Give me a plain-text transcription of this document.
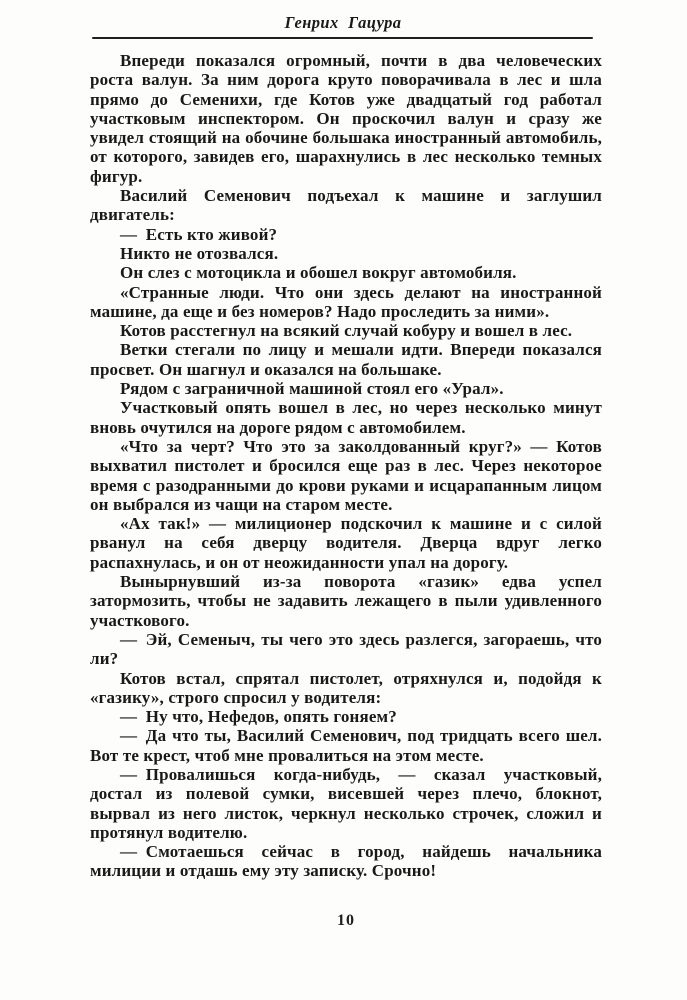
Генрих Гацура

Впереди показался огромный, почти в два человеческих роста валун. За ним дорога круто поворачивала в лес и шла прямо до Семенихи, где Котов уже двадцатый год работал участковым инспектором. Он проскочил валун и сразу же увидел стоящий на обочине большака иностранный автомобиль, от которого, завидев его, шарахнулись в лес несколько темных фигур.

Василий Семенович подъехал к машине и заглушил двигатель:

— Есть кто живой?

Никто не отозвался.

Он слез с мотоцикла и обошел вокруг автомобиля.

«Странные люди. Что они здесь делают на иностранной машине, да еще и без номеров? Надо проследить за ними».

Котов расстегнул на всякий случай кобуру и вошел в лес.

Ветки стегали по лицу и мешали идти. Впереди показался просвет. Он шагнул и оказался на большаке.

Рядом с заграничной машиной стоял его «Урал».

Участковый опять вошел в лес, но через несколько минут вновь очутился на дороге рядом с автомобилем.

«Что за черт? Что это за заколдованный круг?» — Котов выхватил пистолет и бросился еще раз в лес. Через некоторое время с разодранными до крови руками и исцарапанным лицом он выбрался из чащи на старом месте.

«Ах так!» — милиционер подскочил к машине и с силой рванул на себя дверцу водителя. Дверца вдруг легко распахнулась, и он от неожиданности упал на дорогу.

Вынырнувший из-за поворота «газик» едва успел затормозить, чтобы не задавить лежащего в пыли удивленного участкового.

— Эй, Семеныч, ты чего это здесь разлегся, загораешь, что ли?

Котов встал, спрятал пистолет, отряхнулся и, подойдя к «газику», строго спросил у водителя:

— Ну что, Нефедов, опять гоняем?

— Да что ты, Василий Семенович, под тридцать всего шел. Вот те крест, чтоб мне провалиться на этом месте.

— Провалишься когда-нибудь, — сказал участковый, достал из полевой сумки, висевшей через плечо, блокнот, вырвал из него листок, черкнул несколько строчек, сложил и протянул водителю.

— Смотаешься сейчас в город, найдешь начальника милиции и отдашь ему эту записку. Срочно!

10
